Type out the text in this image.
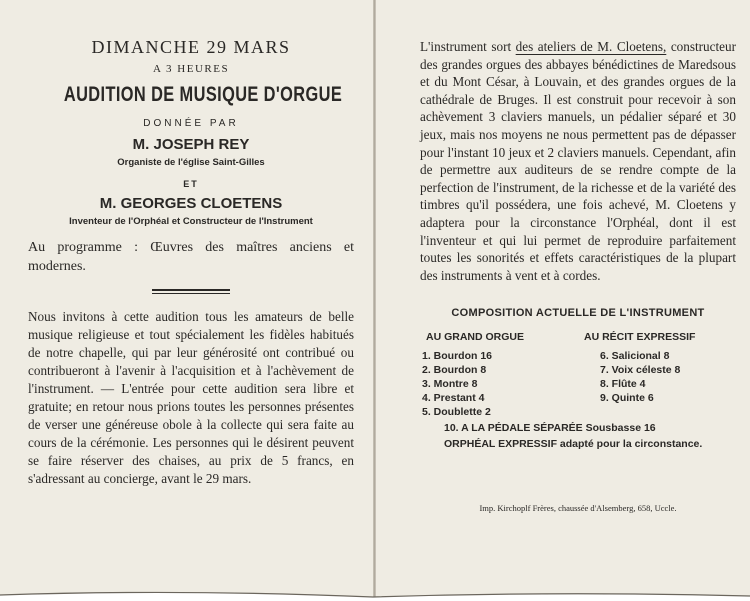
DIMANCHE 29 MARS

A 3 HEURES

AUDITION DE MUSIQUE D'ORGUE

DONNÉE PAR

M. JOSEPH REY

Organiste de l'église Saint-Gilles

ET

M. GEORGES CLOETENS

Inventeur de l'Orphéal et Constructeur de l'Instrument

Au programme : Œuvres des maîtres anciens et modernes.

Nous invitons à cette audition tous les amateurs de belle musique religieuse et tout spécialement les fidèles habitués de notre chapelle, qui par leur générosité ont contribué ou contribueront à l'avenir à l'acquisition et à l'achèvement de l'instrument. — L'entrée pour cette audition sera libre et gratuite; en retour nous prions toutes les personnes présentes de verser une généreuse obole à la collecte qui sera faite au cours de la cérémonie. Les personnes qui le désirent peuvent se faire réserver des chaises, au prix de 5 francs, en s'adressant au concierge, avant le 29 mars.

L'instrument sort des ateliers de M. Cloetens, constructeur des grandes orgues des abbayes bénédictines de Maredsous et du Mont César, à Louvain, et des grandes orgues de la cathédrale de Bruges. Il est construit pour recevoir à son achèvement 3 claviers manuels, un pédalier séparé et 30 jeux, mais nos moyens ne nous permettent pas de dépasser pour l'instant 10 jeux et 2 claviers manuels. Cependant, afin de permettre aux auditeurs de se rendre compte de la perfection de l'instrument, de la richesse et de la variété des timbres qu'il possédera, une fois achevé, M. Cloetens y adaptera pour la circonstance l'Orphéal, dont il est l'inventeur et qui lui permet de reproduire parfaitement toutes les sonorités et effets caractéristiques de la plupart des instruments à vent et à cordes.

COMPOSITION ACTUELLE DE L'INSTRUMENT

AU GRAND ORGUE

1. Bourdon 16

2. Bourdon 8

3. Montre 8

4. Prestant 4

5. Doublette 2

AU RÉCIT EXPRESSIF

6. Salicional 8

7. Voix céleste 8

8. Flûte 4

9. Quinte 6

10. A LA PÉDALE SÉPARÉE Sousbasse 16

ORPHÉAL EXPRESSIF adapté pour la circonstance.

Imp. Kirchoplf Frères, chaussée d'Alsemberg, 658, Uccle.
